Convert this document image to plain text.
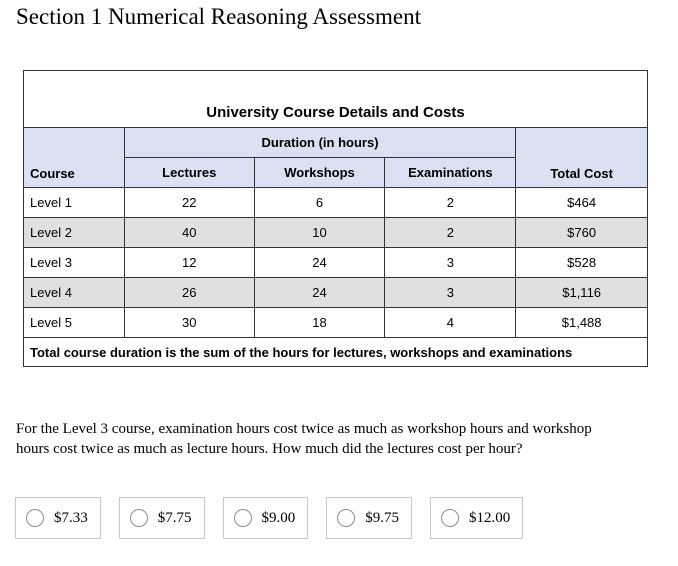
Section 1 Numerical Reasoning Assessment
University Course Details and Costs				
Course	Duration (in hours)			Total Cost
	Lectures	Workshops	Examinations	
Level 1	22	6	2	$464
Level 2	40	10	2	$760
Level 3	12	24	3	$528
Level 4	26	24	3	$1,116
Level 5	30	18	4	$1,488
Total course duration is the sum of the hours for lectures, workshops and examinations				

For the Level 3 course, examination hours cost twice as much as workshop hours and workshop hours cost twice as much as lecture hours. How much did the lectures cost per hour?

$7.33	$7.75	$9.00	$9.75	$12.00
